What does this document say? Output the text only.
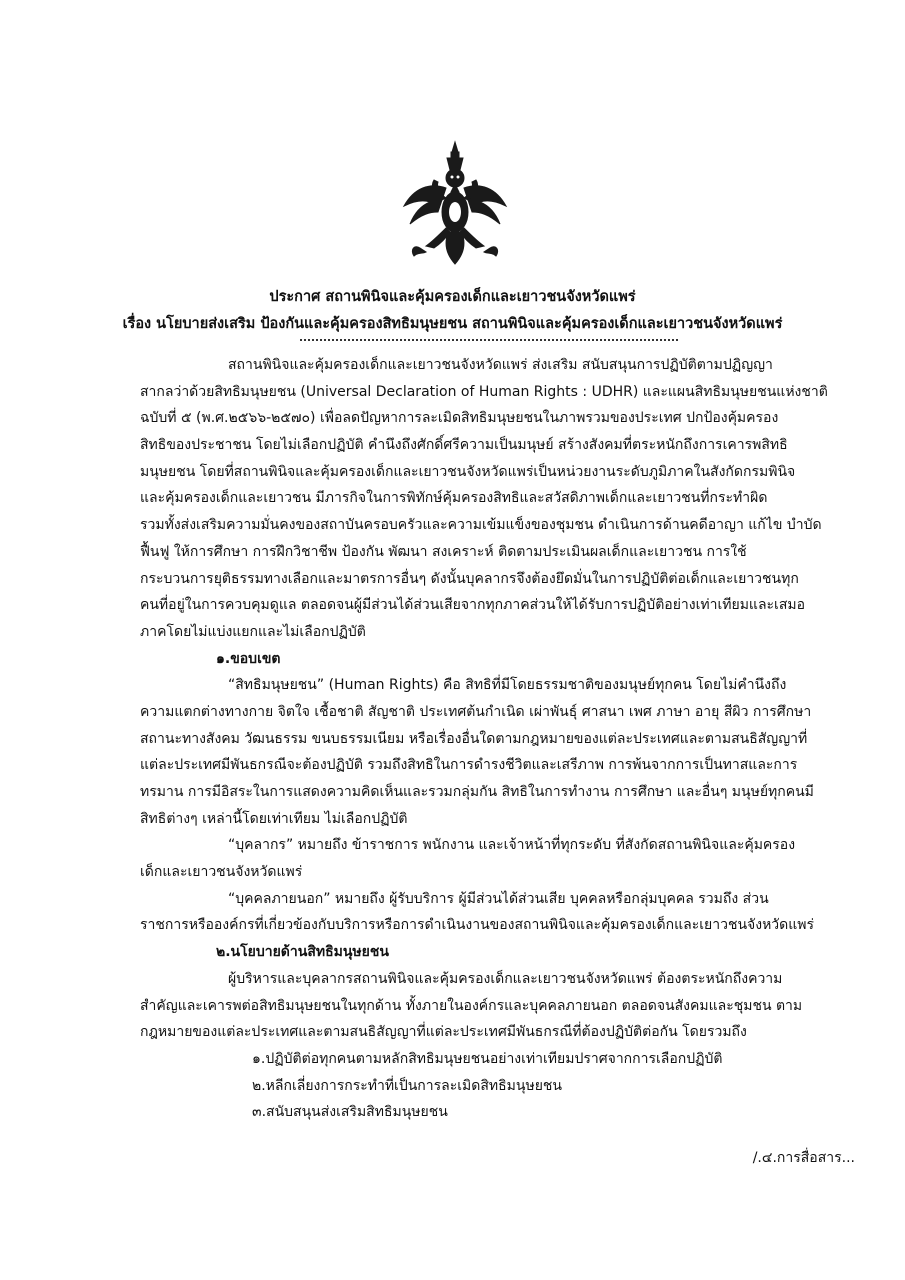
ประกาศ สถานพินิจและคุ้มครองเด็กและเยาวชนจังหวัดแพร่
เรื่อง นโยบายส่งเสริม ป้องกันและคุ้มครองสิทธิมนุษยชน สถานพินิจและคุ้มครองเด็กและเยาวชนจังหวัดแพร่
สถานพินิจและคุ้มครองเด็กและเยาวชนจังหวัดแพร่ ส่งเสริม สนับสนุนการปฏิบัติตามปฏิญญา
สากลว่าด้วยสิทธิมนุษยชน (Universal Declaration of Human Rights : UDHR) และแผนสิทธิมนุษยชนแห่งชาติ
ฉบับที่ ๕ (พ.ศ.๒๕๖๖-๒๕๗๐) เพื่อลดปัญหาการละเมิดสิทธิมนุษยชนในภาพรวมของประเทศ ปกป้องคุ้มครอง
สิทธิของประชาชน โดยไม่เลือกปฏิบัติ คำนึงถึงศักดิ์ศรีความเป็นมนุษย์ สร้างสังคมที่ตระหนักถึงการเคารพสิทธิ
มนุษยชน โดยที่สถานพินิจและคุ้มครองเด็กและเยาวชนจังหวัดแพร่เป็นหน่วยงานระดับภูมิภาคในสังกัดกรมพินิจ
และคุ้มครองเด็กและเยาวชน มีภารกิจในการพิทักษ์คุ้มครองสิทธิและสวัสดิภาพเด็กและเยาวชนที่กระทำผิด
รวมทั้งส่งเสริมความมั่นคงของสถาบันครอบครัวและความเข้มแข็งของชุมชน ดำเนินการด้านคดีอาญา แก้ไข บำบัด
ฟื้นฟู ให้การศึกษา การฝึกวิชาชีพ ป้องกัน พัฒนา สงเคราะห์ ติดตามประเมินผลเด็กและเยาวชน การใช้
กระบวนการยุติธรรมทางเลือกและมาตรการอื่นๆ ดังนั้นบุคลากรจึงต้องยึดมั่นในการปฏิบัติต่อเด็กและเยาวชนทุก
คนที่อยู่ในการควบคุมดูแล ตลอดจนผู้มีส่วนได้ส่วนเสียจากทุกภาคส่วนให้ได้รับการปฏิบัติอย่างเท่าเทียมและเสมอ
ภาคโดยไม่แบ่งแยกและไม่เลือกปฏิบัติ
๑.ขอบเขต
“สิทธิมนุษยชน” (Human Rights) คือ สิทธิที่มีโดยธรรมชาติของมนุษย์ทุกคน โดยไม่คำนึงถึง
ความแตกต่างทางกาย จิตใจ เชื้อชาติ สัญชาติ ประเทศต้นกำเนิด เผ่าพันธุ์ ศาสนา เพศ ภาษา อายุ สีผิว การศึกษา
สถานะทางสังคม วัฒนธรรม ขนบธรรมเนียม หรือเรื่องอื่นใดตามกฎหมายของแต่ละประเทศและตามสนธิสัญญาที่
แต่ละประเทศมีพันธกรณีจะต้องปฏิบัติ รวมถึงสิทธิในการดำรงชีวิตและเสรีภาพ การพ้นจากการเป็นทาสและการ
ทรมาน การมีอิสระในการแสดงความคิดเห็นและรวมกลุ่มกัน สิทธิในการทำงาน การศึกษา และอื่นๆ มนุษย์ทุกคนมี
สิทธิต่างๆ เหล่านี้โดยเท่าเทียม ไม่เลือกปฏิบัติ
“บุคลากร” หมายถึง ข้าราชการ พนักงาน และเจ้าหน้าที่ทุกระดับ ที่สังกัดสถานพินิจและคุ้มครอง
เด็กและเยาวชนจังหวัดแพร่
“บุคคลภายนอก” หมายถึง ผู้รับบริการ ผู้มีส่วนได้ส่วนเสีย บุคคลหรือกลุ่มบุคคล รวมถึง ส่วน
ราชการหรือองค์กรที่เกี่ยวข้องกับบริการหรือการดำเนินงานของสถานพินิจและคุ้มครองเด็กและเยาวชนจังหวัดแพร่
๒.นโยบายด้านสิทธิมนุษยชน
ผู้บริหารและบุคลากรสถานพินิจและคุ้มครองเด็กและเยาวชนจังหวัดแพร่ ต้องตระหนักถึงความ
สำคัญและเคารพต่อสิทธิมนุษยชนในทุกด้าน ทั้งภายในองค์กรและบุคคลภายนอก ตลอดจนสังคมและชุมชน ตาม
กฎหมายของแต่ละประเทศและตามสนธิสัญญาที่แต่ละประเทศมีพันธกรณีที่ต้องปฏิบัติต่อกัน โดยรวมถึง
๑.ปฏิบัติต่อทุกคนตามหลักสิทธิมนุษยชนอย่างเท่าเทียมปราศจากการเลือกปฏิบัติ
๒.หลีกเลี่ยงการกระทำที่เป็นการละเมิดสิทธิมนุษยชน
๓.สนับสนุนส่งเสริมสิทธิมนุษยชน
/.๔.การสื่อสาร...
